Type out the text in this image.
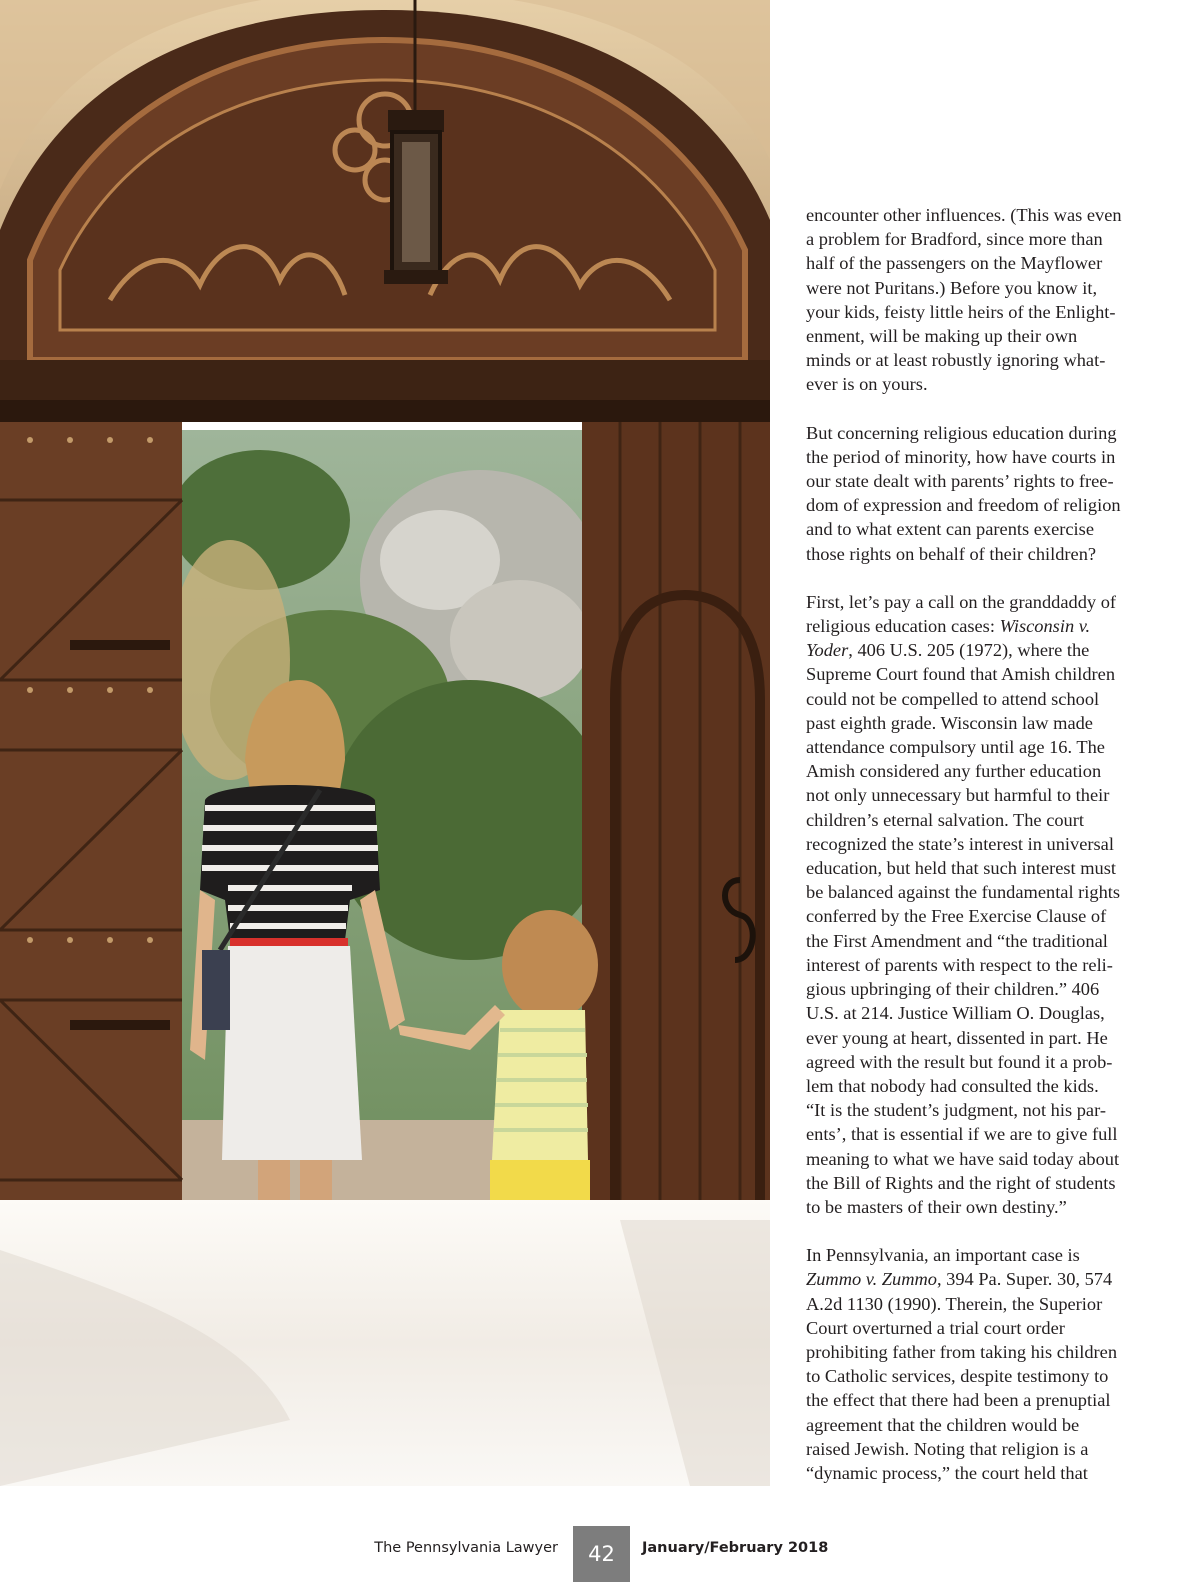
encounter other influences. (This was even
a problem for Bradford, since more than
half of the passengers on the Mayflower
were not Puritans.) Before you know it,
your kids, feisty little heirs of the Enlight-
enment, will be making up their own
minds or at least robustly ignoring what-
ever is on yours.

But concerning religious education during
the period of minority, how have courts in
our state dealt with parents’ rights to free-
dom of expression and freedom of religion
and to what extent can parents exercise
those rights on behalf of their children?

First, let’s pay a call on the granddaddy of
religious education cases: Wisconsin v.
Yoder, 406 U.S. 205 (1972), where the
Supreme Court found that Amish children
could not be compelled to attend school
past eighth grade. Wisconsin law made
attendance compulsory until age 16. The
Amish considered any further education
not only unnecessary but harmful to their
children’s eternal salvation. The court
recognized the state’s interest in universal
education, but held that such interest must
be balanced against the fundamental rights
conferred by the Free Exercise Clause of
the First Amendment and “the traditional
interest of parents with respect to the reli-
gious upbringing of their children.” 406
U.S. at 214. Justice William O. Douglas,
ever young at heart, dissented in part. He
agreed with the result but found it a prob-
lem that nobody had consulted the kids.
“It is the student’s judgment, not his par-
ents’, that is essential if we are to give full
meaning to what we have said today about
the Bill of Rights and the right of students
to be masters of their own destiny.”

In Pennsylvania, an important case is
Zummo v. Zummo, 394 Pa. Super. 30, 574
A.2d 1130 (1990). Therein, the Superior
Court overturned a trial court order
prohibiting father from taking his children
to Catholic services, despite testimony to
the effect that there had been a prenuptial
agreement that the children would be
raised Jewish. Noting that religion is a
“dynamic process,” the court held that

The Pennsylvania Lawyer 42 January/February 2018
